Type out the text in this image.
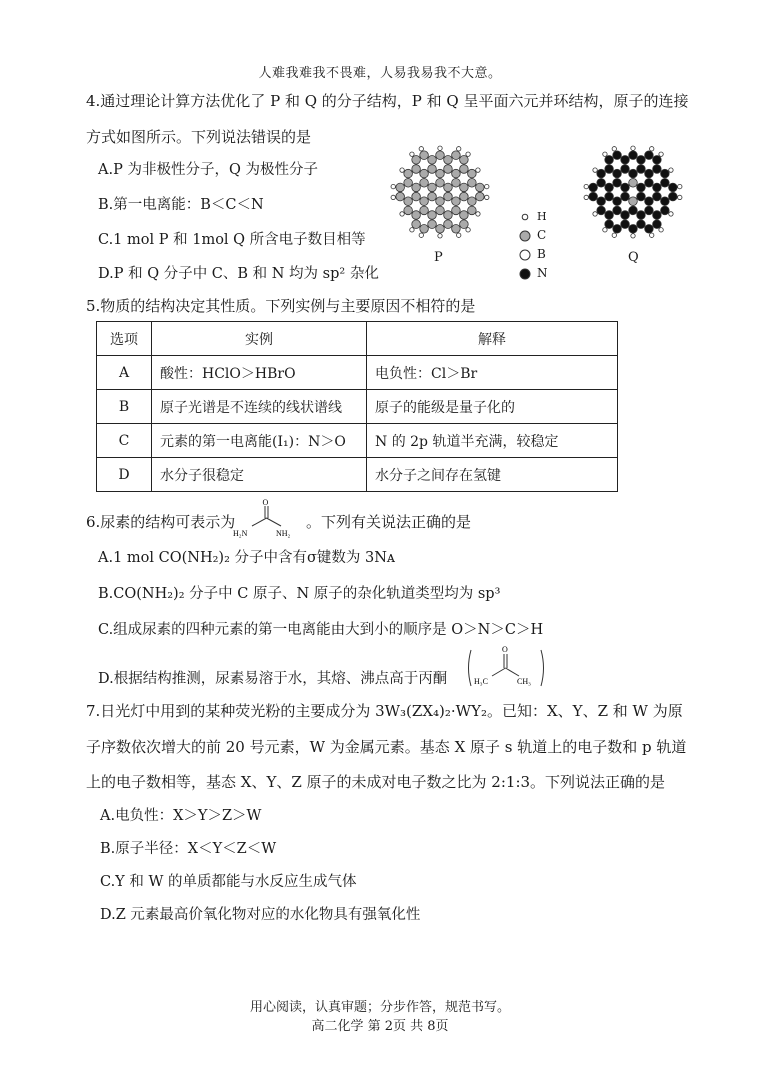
人难我难我不畏难，人易我易我不大意。
4.通过理论计算方法优化了 P 和 Q 的分子结构，P 和 Q 呈平面六元并环结构，原子的连接
方式如图所示。下列说法错误的是
A.P 为非极性分子，Q 为极性分子
B.第一电离能：B＜C＜N
C.1 mol P 和 1mol Q 所含电子数目相等
D.P 和 Q 分子中 C、B 和 N 均为 sp² 杂化
P	Q
H
C
B
N
5.物质的结构决定其性质。下列实例与主要原因不相符的是
选项	实例	解释
A	酸性：HClO＞HBrO	电负性：Cl＞Br
B	原子光谱是不连续的线状谱线	原子的能级是量子化的
C	元素的第一电离能(I₁)：N＞O	N 的 2p 轨道半充满，较稳定
D	水分子很稳定	水分子之间存在氢键
6.尿素的结构可表示为
O
H₂N	NH₂
。下列有关说法正确的是
A.1 mol CO(NH₂)₂ 分子中含有σ键数为 3Nᴀ
B.CO(NH₂)₂ 分子中 C 原子、N 原子的杂化轨道类型均为 sp³
C.组成尿素的四种元素的第一电离能由大到小的顺序是 O＞N＞C＞H
D.根据结构推测，尿素易溶于水，其熔、沸点高于丙酮
O
H₃C	CH₃
7.日光灯中用到的某种荧光粉的主要成分为 3W₃(ZX₄)₂·WY₂。已知：X、Y、Z 和 W 为原
子序数依次增大的前 20 号元素，W 为金属元素。基态 X 原子 s 轨道上的电子数和 p 轨道
上的电子数相等，基态 X、Y、Z 原子的未成对电子数之比为 2:1:3。下列说法正确的是
A.电负性：X＞Y＞Z＞W
B.原子半径：X＜Y＜Z＜W
C.Y 和 W 的单质都能与水反应生成气体
D.Z 元素最高价氧化物对应的水化物具有强氧化性
用心阅读，认真审题；分步作答，规范书写。
高二化学 第 2页 共 8页
